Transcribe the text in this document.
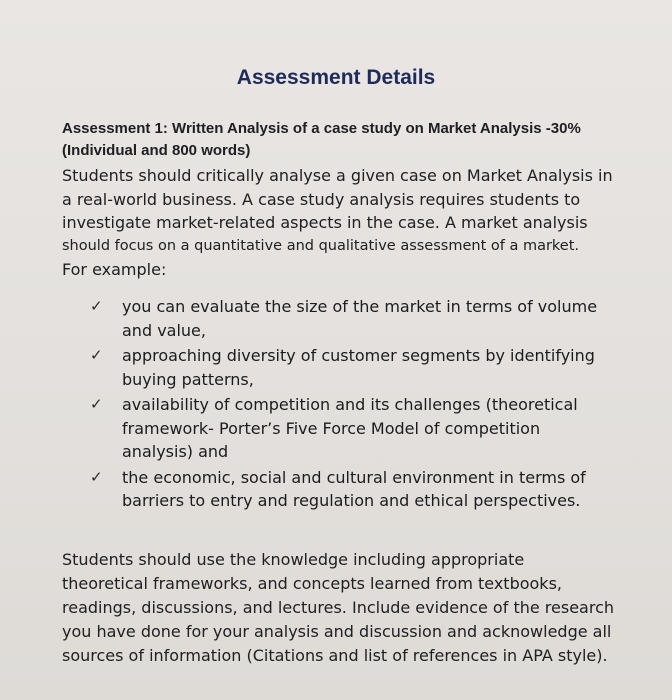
Assessment Details
Assessment 1: Written Analysis of a case study on Market Analysis -30%
(Individual and 800 words)
Students should critically analyse a given case on Market Analysis in
a real-world business. A case study analysis requires students to
investigate market-related aspects in the case. A market analysis
should focus on a quantitative and qualitative assessment of a market.
For example:
✓ you can evaluate the size of the market in terms of volume
and value,
✓ approaching diversity of customer segments by identifying
buying patterns,
✓ availability of competition and its challenges (theoretical
framework- Porter’s Five Force Model of competition
analysis) and
✓ the economic, social and cultural environment in terms of
barriers to entry and regulation and ethical perspectives.
Students should use the knowledge including appropriate
theoretical frameworks, and concepts learned from textbooks,
readings, discussions, and lectures. Include evidence of the research
you have done for your analysis and discussion and acknowledge all
sources of information (Citations and list of references in APA style).
